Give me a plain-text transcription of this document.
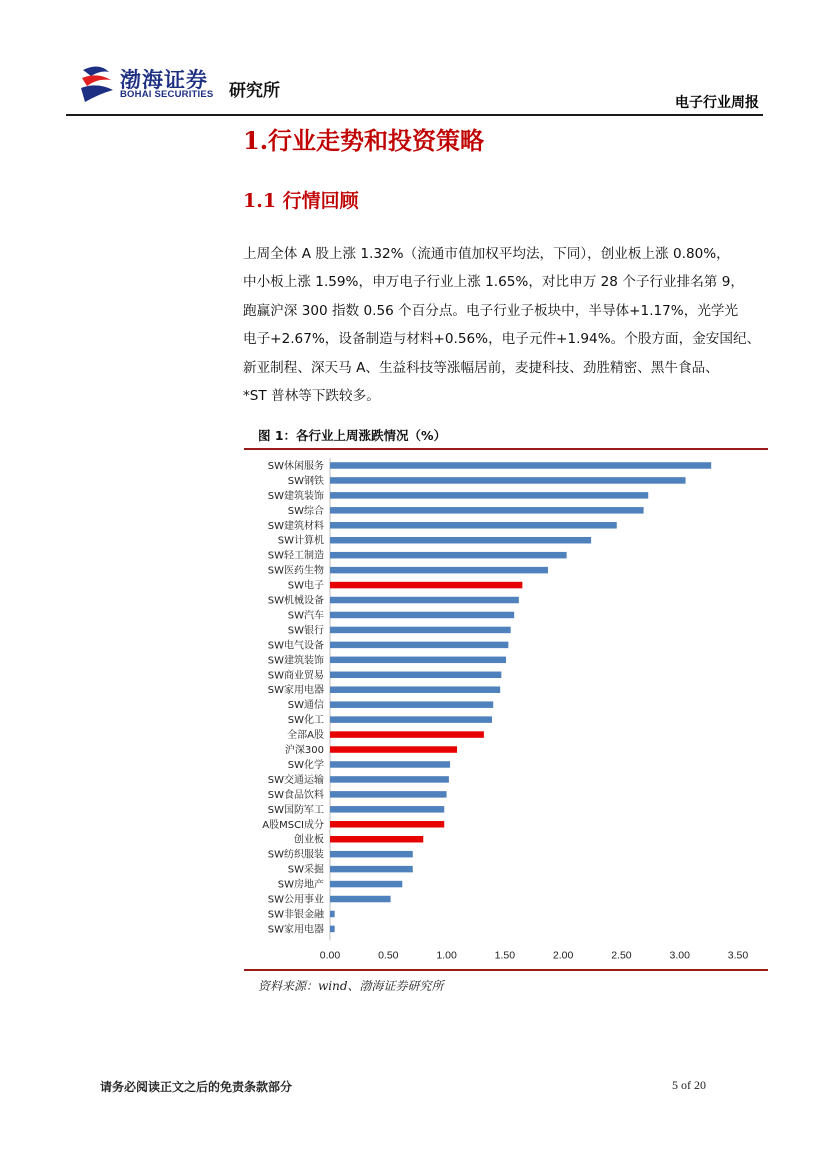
渤海证券
BOHAI SECURITIES 研究所
电子行业周报
1.行业走势和投资策略
1.1 行情回顾
上周全体 A 股上涨 1.32%（流通市值加权平均法，下同），创业板上涨 0.80%，
中小板上涨 1.59%，申万电子行业上涨 1.65%，对比申万 28 个子行业排名第 9，
跑赢沪深 300 指数 0.56 个百分点。电子行业子板块中，半导体+1.17%，光学光
电子+2.67%，设备制造与材料+0.56%，电子元件+1.94%。个股方面，金安国纪、
新亚制程、深天马 A、生益科技等涨幅居前，麦捷科技、劲胜精密、黑牛食品、
*ST 普林等下跌较多。
图 1：各行业上周涨跌情况（%）
SW休闲服务
SW钢铁
SW建筑装饰
SW综合
SW建筑材料
SW计算机
SW轻工制造
SW医药生物
SW电子
SW机械设备
SW汽车
SW银行
SW电气设备
SW建筑装饰
SW商业贸易
SW家用电器
SW通信
SW化工
全部A股
沪深300
SW化学
SW交通运输
SW食品饮料
SW国防军工
A股MSCI成分
创业板
SW纺织服装
SW采掘
SW房地产
SW公用事业
SW非银金融
SW家用电器
0.00	0.50	1.00	1.50	2.00	2.50	3.00	3.50
资料来源：wind、渤海证券研究所
请务必阅读正文之后的免责条款部分	5 of 20
